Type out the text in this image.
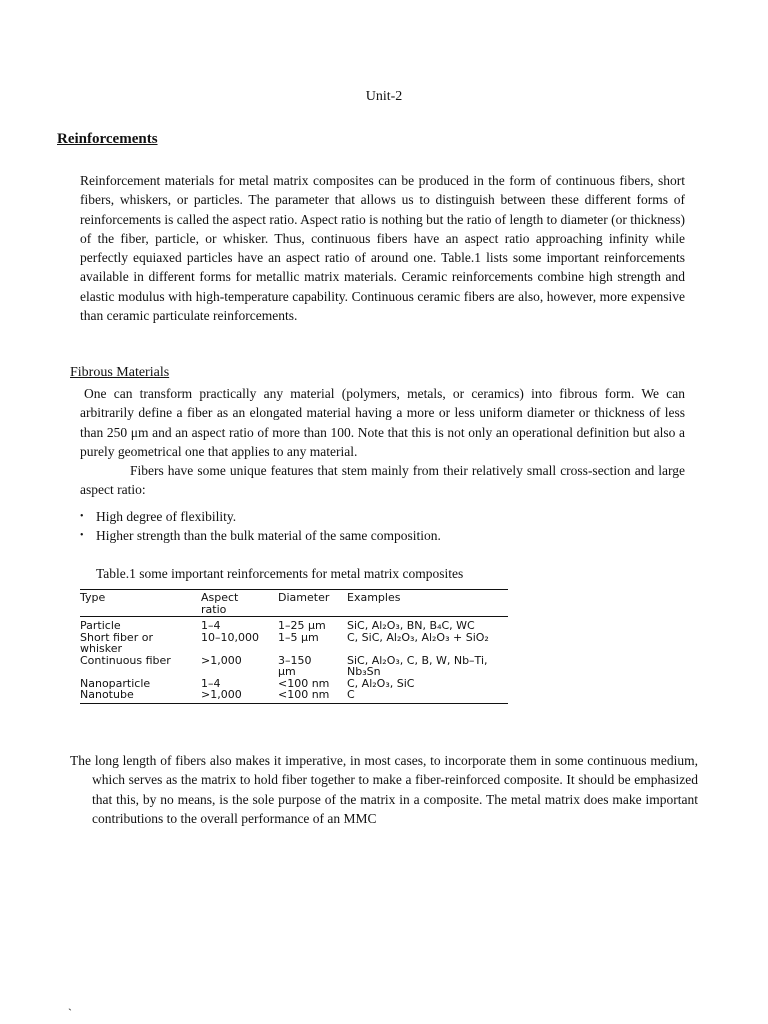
Unit-2
Reinforcements

Reinforcement materials for metal matrix composites can be produced in the form of continuous fibers, short fibers, whiskers, or particles. The parameter that allows us to distinguish between these different forms of reinforcements is called the aspect ratio. Aspect ratio is nothing but the ratio of length to diameter (or thickness) of the fiber, particle, or whisker. Thus, continuous fibers have an aspect ratio approaching infinity while perfectly equiaxed particles have an aspect ratio of around one. Table.1 lists some important reinforcements available in different forms for metallic matrix materials. Ceramic reinforcements combine high strength and elastic modulus with high-temperature capability. Continuous ceramic fibers are also, however, more expensive than ceramic particulate reinforcements.

Fibrous Materials
One can transform practically any material (polymers, metals, or ceramics) into fibrous form. We can arbitrarily define a fiber as an elongated material having a more or less uniform diameter or thickness of less than 250 μm and an aspect ratio of more than 100. Note that this is not only an operational definition but also a purely geometrical one that applies to any material.
Fibers have some unique features that stem mainly from their relatively small cross-section and large aspect ratio:
• High degree of flexibility.
• Higher strength than the bulk material of the same composition.
Table.1 some important reinforcements for metal matrix composites
Type	Aspect ratio	Diameter	Examples
Particle	1–4	1–25 μm	SiC, Al₂O₃, BN, B₄C, WC

Short fiber or whisker	10–10,000	1–5 μm	C, SiC, Al₂O₃, Al₂O₃ + SiO₂

Continuous fiber	>1,000	3–150 μm	SiC, Al₂O₃, C, B, W, Nb–Ti, Nb₃Sn

Nanoparticle	1–4	<100 nm	C, Al₂O₃, SiC
Nanotube	>1,000	<100 nm	C
The long length of fibers also makes it imperative, in most cases, to incorporate them in some continuous medium, which serves as the matrix to hold fiber together to make a fiber-reinforced composite. It should be emphasized that this, by no means, is the sole purpose of the matrix in a composite. The metal matrix does make important contributions to the overall performance of an MMC
`
